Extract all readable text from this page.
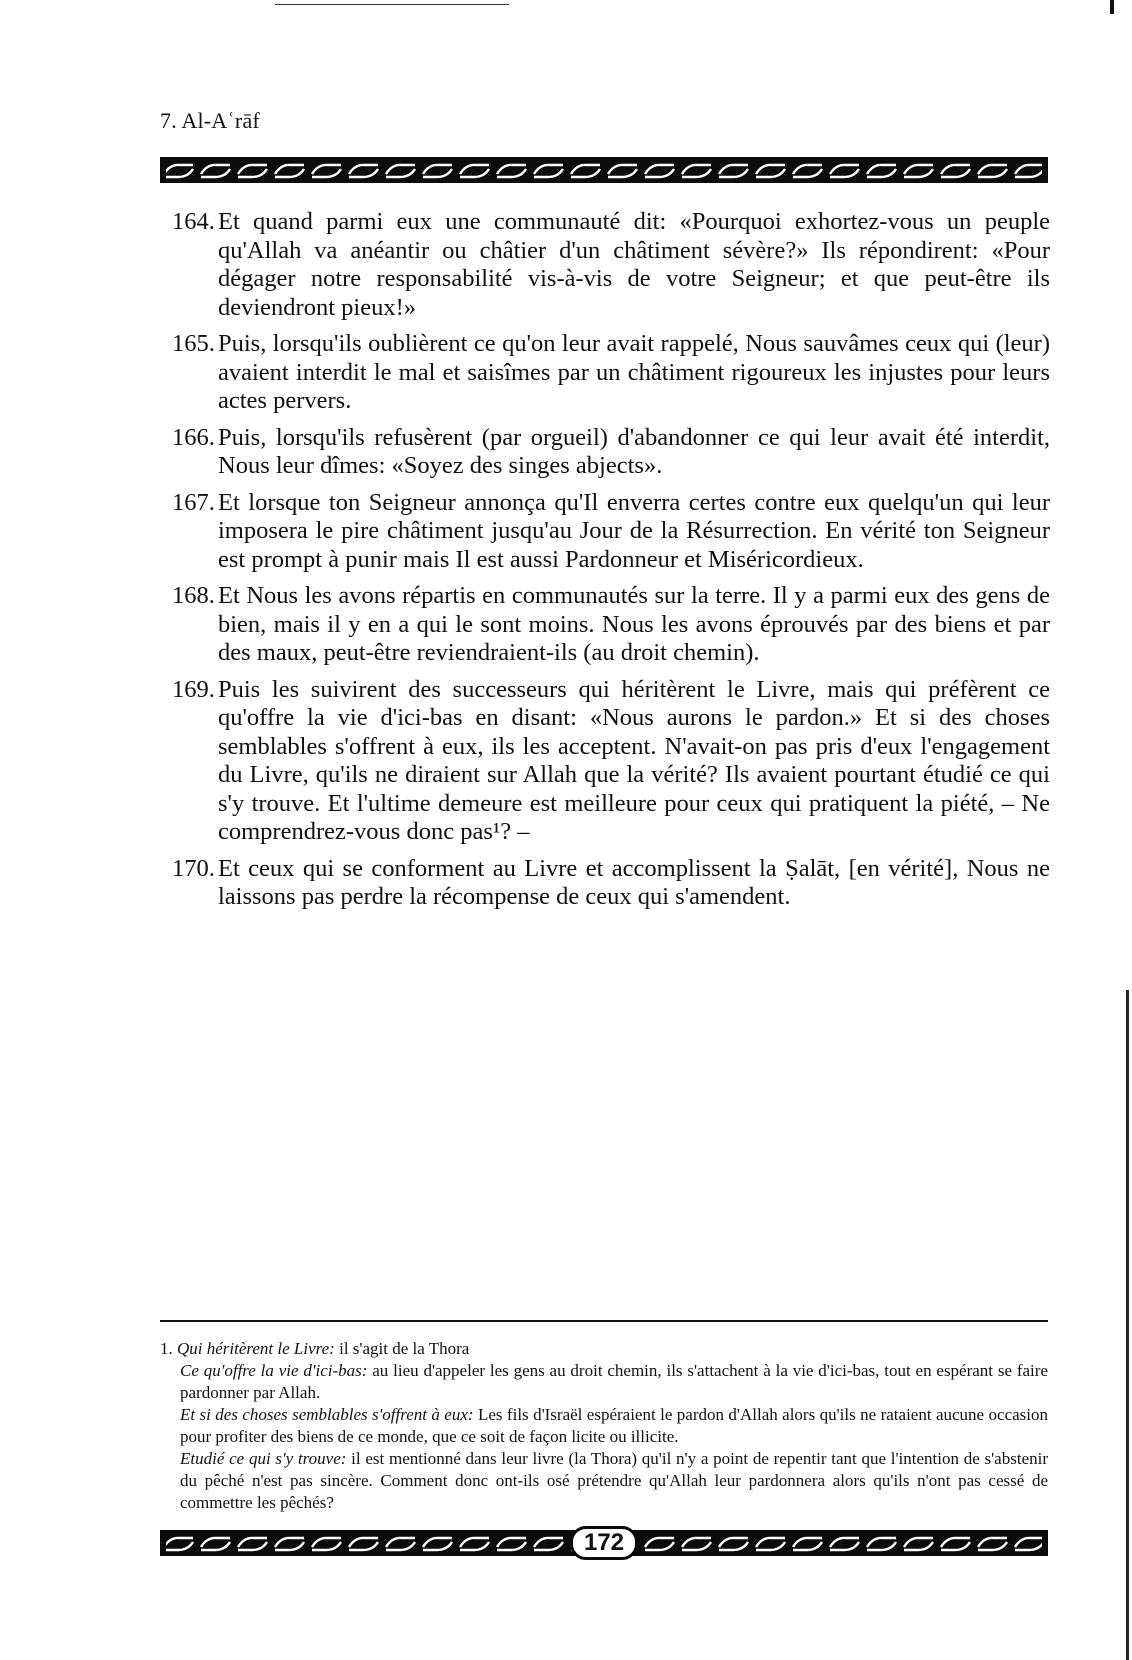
7. Al-Aʿrāf
164. Et quand parmi eux une communauté dit: «Pourquoi exhortez-vous un peuple qu'Allah va anéantir ou châtier d'un châtiment sévère?» Ils répondirent: «Pour dégager notre responsabilité vis-à-vis de votre Seigneur; et que peut-être ils deviendront pieux!»
165. Puis, lorsqu'ils oublièrent ce qu'on leur avait rappelé, Nous sauvâmes ceux qui (leur) avaient interdit le mal et saisîmes par un châtiment rigoureux les injustes pour leurs actes pervers.
166. Puis, lorsqu'ils refusèrent (par orgueil) d'abandonner ce qui leur avait été interdit, Nous leur dîmes: «Soyez des singes abjects».
167. Et lorsque ton Seigneur annonça qu'Il enverra certes contre eux quelqu'un qui leur imposera le pire châtiment jusqu'au Jour de la Résurrection. En vérité ton Seigneur est prompt à punir mais Il est aussi Pardonneur et Miséricordieux.
168. Et Nous les avons répartis en communautés sur la terre. Il y a parmi eux des gens de bien, mais il y en a qui le sont moins. Nous les avons éprouvés par des biens et par des maux, peut-être reviendraient-ils (au droit chemin).
169. Puis les suivirent des successeurs qui héritèrent le Livre, mais qui préfèrent ce qu'offre la vie d'ici-bas en disant: «Nous aurons le pardon.» Et si des choses semblables s'offrent à eux, ils les acceptent. N'avait-on pas pris d'eux l'engagement du Livre, qu'ils ne diraient sur Allah que la vérité? Ils avaient pourtant étudié ce qui s'y trouve. Et l'ultime demeure est meilleure pour ceux qui pratiquent la piété, – Ne comprendrez-vous donc pas¹? –
170. Et ceux qui se conforment au Livre et accomplissent la Ṣalāt, [en vérité], Nous ne laissons pas perdre la récompense de ceux qui s'amendent.
1. Qui héritèrent le Livre: il s'agit de la Thora
Ce qu'offre la vie d'ici-bas: au lieu d'appeler les gens au droit chemin, ils s'attachent à la vie d'ici-bas, tout en espérant se faire pardonner par Allah.
Et si des choses semblables s'offrent à eux: Les fils d'Israël espéraient le pardon d'Allah alors qu'ils ne rataient aucune occasion pour profiter des biens de ce monde, que ce soit de façon licite ou illicite.
Etudié ce qui s'y trouve: il est mentionné dans leur livre (la Thora) qu'il n'y a point de repentir tant que l'intention de s'abstenir du pêché n'est pas sincère. Comment donc ont-ils osé prétendre qu'Allah leur pardonnera alors qu'ils n'ont pas cessé de commettre les pêchés?
172
